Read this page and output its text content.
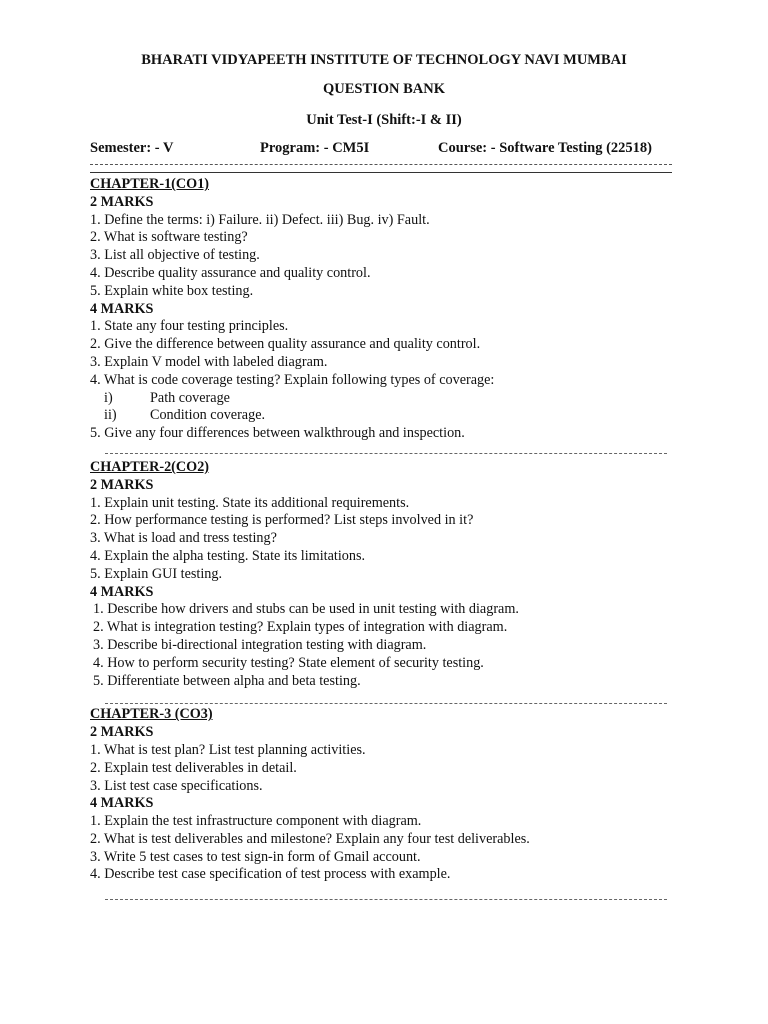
BHARATI VIDYAPEETH INSTITUTE OF TECHNOLOGY NAVI MUMBAI
QUESTION BANK
Unit Test-I (Shift:-I & II)
Semester: - V	Program: - CM5I	Course: - Software Testing (22518)
CHAPTER-1(CO1)
2 MARKS
1. Define the terms: i) Failure. ii) Defect. iii) Bug. iv) Fault.
2. What is software testing?
3. List all objective of testing.
4. Describe quality assurance and quality control.
5. Explain white box testing.
4 MARKS
1. State any four testing principles.
2. Give the difference between quality assurance and quality control.
3. Explain V model with labeled diagram.
4. What is code coverage testing? Explain following types of coverage:
i)	Path coverage
ii)	Condition coverage.
5. Give any four differences between walkthrough and inspection.
CHAPTER-2(CO2)
2 MARKS
1. Explain unit testing. State its additional requirements.
2. How performance testing is performed? List steps involved in it?
3. What is load and tress testing?
4. Explain the alpha testing. State its limitations.
5. Explain GUI testing.
4 MARKS
1. Describe how drivers and stubs can be used in unit testing with diagram.
2. What is integration testing? Explain types of integration with diagram.
3. Describe bi-directional integration testing with diagram.
4. How to perform security testing? State element of security testing.
5. Differentiate between alpha and beta testing.
CHAPTER-3 (CO3)
2 MARKS
1. What is test plan? List test planning activities.
2. Explain test deliverables in detail.
3. List test case specifications.
4 MARKS
1. Explain the test infrastructure component with diagram.
2. What is test deliverables and milestone? Explain any four test deliverables.
3. Write 5 test cases to test sign-in form of Gmail account.
4. Describe test case specification of test process with example.
